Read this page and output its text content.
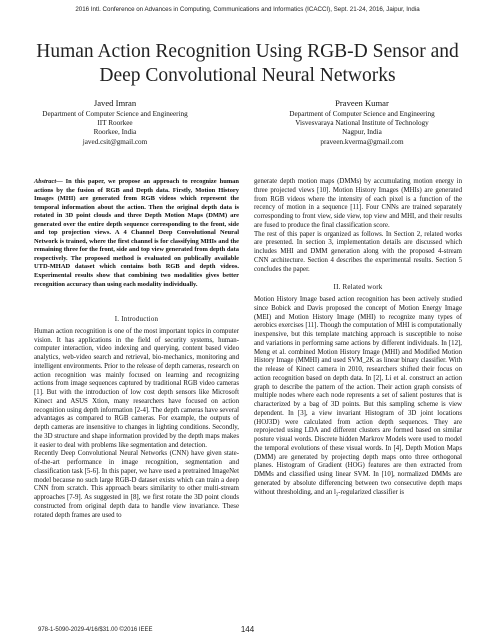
2016 Intl. Conference on Advances in Computing, Communications and Informatics (ICACCI), Sept. 21-24, 2016, Jaipur, India
Human Action Recognition Using RGB-D Sensor and
Deep Convolutional Neural Networks
Javed Imran
Department of Computer Science and Engineering
IIT Roorkee
Roorkee, India
javed.csit@gmail.com
Praveen Kumar
Department of Computer Science and Engineering
Visvesvaraya National Institute of Technology
Nagpur, India
praveen.kverma@gmail.com

Abstract— In this paper, we propose an approach to recognize human actions by the fusion of RGB and Depth data. Firstly, Motion History Images (MHI) are generated from RGB videos which represent the temporal information about the action. Then the original depth data is rotated in 3D point clouds and three Depth Motion Maps (DMM) are generated over the entire depth sequence corresponding to the front, side and top projection views. A 4 Channel Deep Convolutional Neural Network is trained, where the first channel is for classifying MHIs and the remaining three for the front, side and top view generated from depth data respectively. The proposed method is evaluated on publically available UTD-MHAD dataset which contains both RGB and depth videos. Experimental results show that combining two modalities gives better recognition accuracy than using each modality individually.

I. Introduction

Human action recognition is one of the most important topics in computer vision. It has applications in the field of security systems, human-computer interaction, video indexing and querying, content based video analytics, web-video search and retrieval, bio-mechanics, monitoring and intelligent environments. Prior to the release of depth cameras, research on action recognition was mainly focused on learning and recognizing actions from image sequences captured by traditional RGB video cameras [1]. But with the introduction of low cost depth sensors like Microsoft Kinect and ASUS Xtion, many researchers have focused on action recognition using depth information [2-4]. The depth cameras have several advantages as compared to RGB cameras. For example, the outputs of depth cameras are insensitive to changes in lighting conditions. Secondly, the 3D structure and shape information provided by the depth maps makes it easier to deal with problems like segmentation and detection.

Recently Deep Convolutional Neural Networks (CNN) have given state-of-the-art performance in image recognition, segmentation and classification task [5-6]. In this paper, we have used a pretrained ImageNet model because no such large RGB-D dataset exists which can train a deep CNN from scratch. This approach bears similarity to other multi-stream approaches [7-9]. As suggested in [8], we first rotate the 3D point clouds constructed from original depth data to handle view invariance. These rotated depth frames are used to

generate depth motion maps (DMMs) by accumulating motion energy in three projected views [10]. Motion History Images (MHIs) are generated from RGB videos where the intensity of each pixel is a function of the recency of motion in a sequence [11]. Four CNNs are trained separately corresponding to front view, side view, top view and MHI, and their results are fused to produce the final classification score.

The rest of this paper is organized as follows. In Section 2, related works are presented. In section 3, implementation details are discussed which includes MHI and DMM generation along with the proposed 4-stream CNN architecture. Section 4 describes the experimental results. Section 5 concludes the paper.

II. Related work

Motion History Image based action recognition has been actively studied since Bobick and Davis proposed the concept of Motion Energy Image (MEI) and Motion History Image (MHI) to recognize many types of aerobics exercises [11]. Though the computation of MHI is computationally inexpensive, but this template matching approach is susceptible to noise and variations in performing same actions by different individuals. In [12], Meng et al. combined Motion History Image (MHI) and Modified Motion History Image (MMHI) and used SVM_2K as linear binary classifier. With the release of Kinect camera in 2010, researchers shifted their focus on action recognition based on depth data. In [2], Li et al. construct an action graph to describe the pattern of the action. Their action graph consists of multiple nodes where each node represents a set of salient postures that is characterized by a bag of 3D points. But this sampling scheme is view dependent. In [3], a view invariant Histogram of 3D joint locations (HOJ3D) were calculated from action depth sequences. They are reprojected using LDA and different clusters are formed based on similar posture visual words. Discrete hidden Markrov Models were used to model the temporal evolutions of these visual words. In [4], Depth Motion Maps (DMM) are generated by projecting depth maps onto three orthogonal planes. Histogram of Gradient (HOG) features are then extracted from DMMs and classified using linear SVM. In [10], normalized DMMs are generated by absolute differencing between two consecutive depth maps without thresholding, and an l₂-regularized classifier is

978-1-5090-2029-4/16/$31.00 ©2016 IEEE	144
